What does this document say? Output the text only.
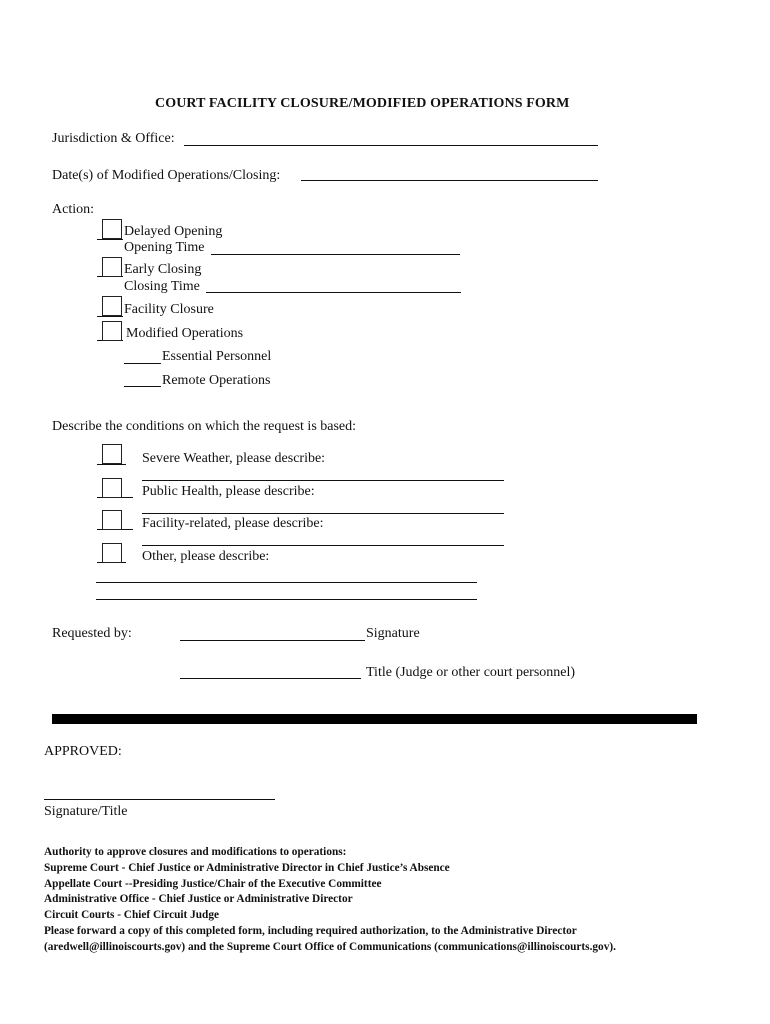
COURT FACILITY CLOSURE/MODIFIED OPERATIONS FORM
Jurisdiction & Office:
Date(s) of Modified Operations/Closing:
Action:
Delayed Opening
Opening Time
Early Closing
Closing Time
Facility Closure
Modified Operations
Essential Personnel
Remote Operations
Describe the conditions on which the request is based:
Severe Weather, please describe:
Public Health, please describe:
Facility-related, please describe:
Other, please describe:
Requested by:	Signature
Title (Judge or other court personnel)
APPROVED:
Signature/Title
Authority to approve closures and modifications to operations:
Supreme Court - Chief Justice or Administrative Director in Chief Justice’s Absence
Appellate Court --Presiding Justice/Chair of the Executive Committee
Administrative Office - Chief Justice or Administrative Director
Circuit Courts - Chief Circuit Judge
Please forward a copy of this completed form, including required authorization, to the Administrative Director
(aredwell@illinoiscourts.gov) and the Supreme Court Office of Communications (communications@illinoiscourts.gov).
